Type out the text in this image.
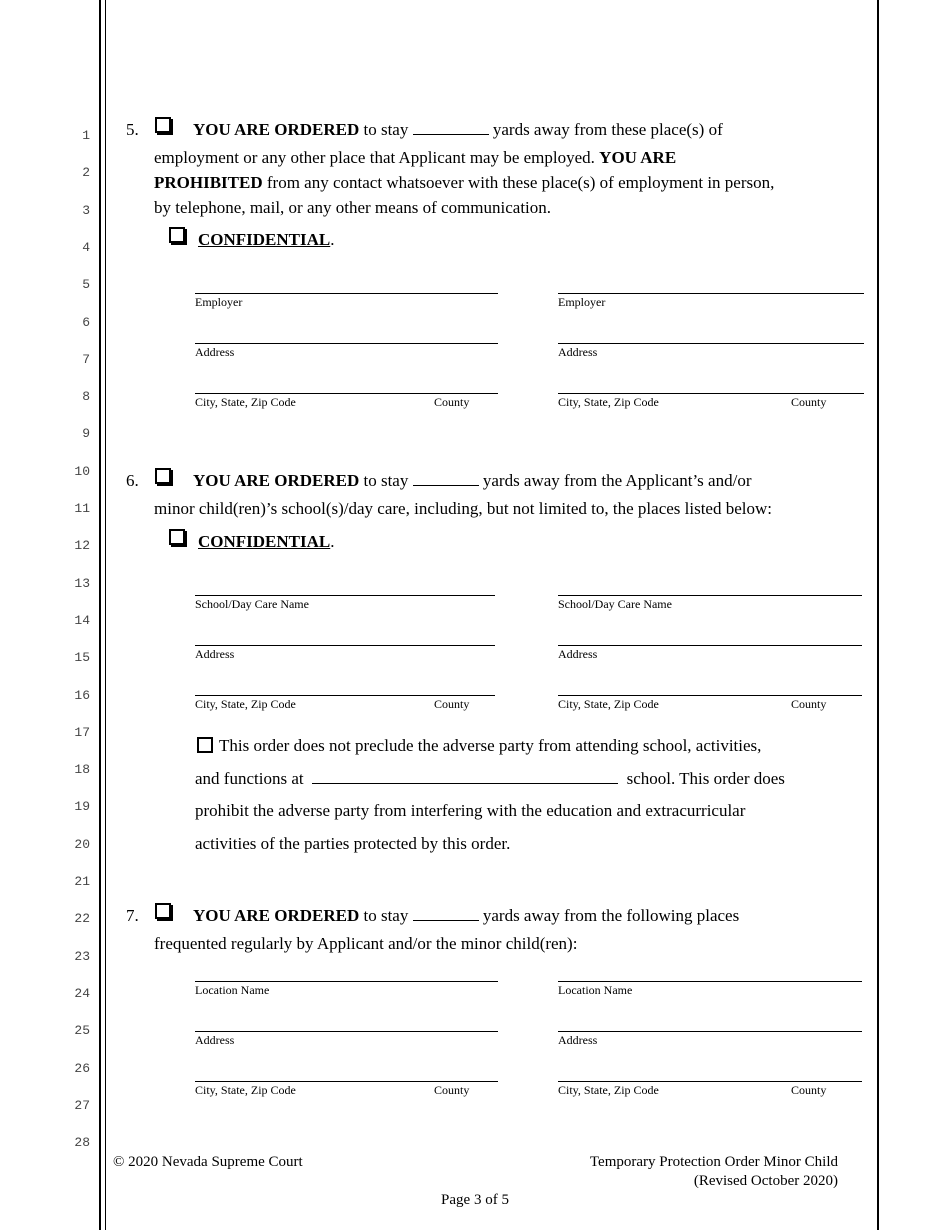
1
2
3
4
5
6
7
8
9
10
11
12
13
14
15
16
17
18
19
20
21
22
23
24
25
26
27
28
5.	YOU ARE ORDERED to stay	yards away from these place(s) of
employment or any other place that Applicant may be employed. YOU ARE
PROHIBITED from any contact whatsoever with these place(s) of employment in person,
by telephone, mail, or any other means of communication.
CONFIDENTIAL.
Employer
Address
City, State, Zip Code	County
Employer
Address
City, State, Zip Code	County
6.	YOU ARE ORDERED to stay	yards away from the Applicant’s and/or
minor child(ren)’s school(s)/day care, including, but not limited to, the places listed below:
CONFIDENTIAL.
School/Day Care Name
Address
City, State, Zip Code	County
School/Day Care Name
Address
City, State, Zip Code	County
This order does not preclude the adverse party from attending school, activities,
and functions at	school. This order does
prohibit the adverse party from interfering with the education and extracurricular
activities of the parties protected by this order.
7.	YOU ARE ORDERED to stay	yards away from the following places
frequented regularly by Applicant and/or the minor child(ren):
Location Name
Address
City, State, Zip Code	County
Location Name
Address
City, State, Zip Code	County
© 2020 Nevada Supreme Court	Temporary Protection Order Minor Child
(Revised October 2020)
Page 3 of 5
